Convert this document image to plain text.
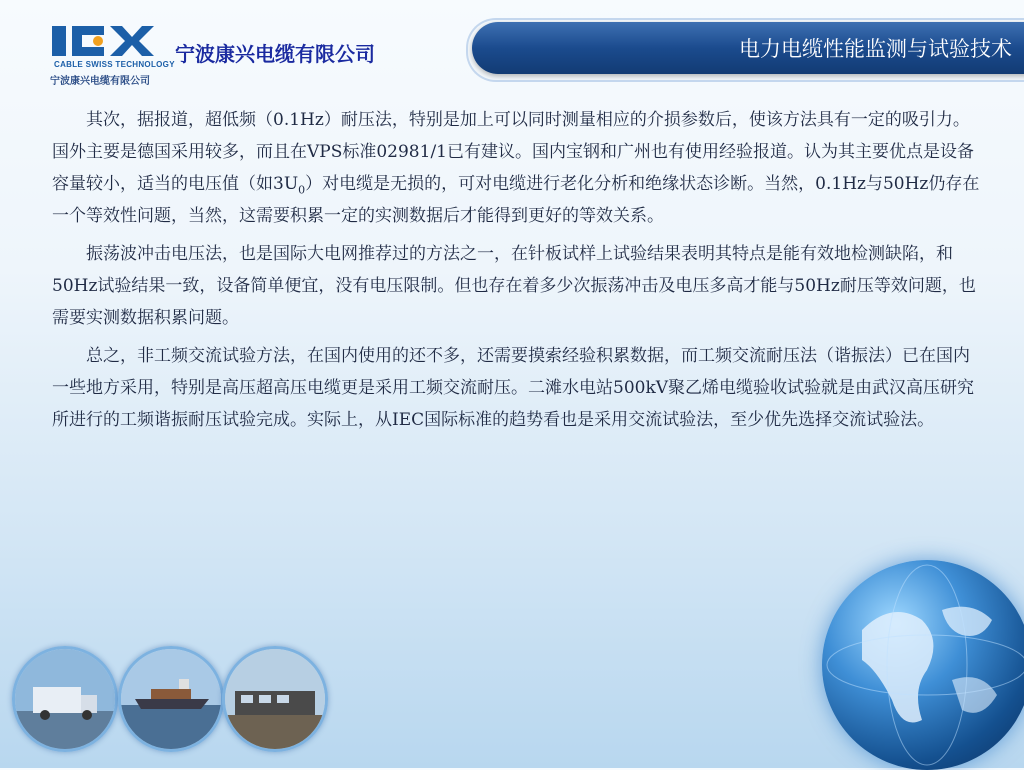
CABLE SWISS TECHNOLOGY
宁波康兴电缆有限公司
宁波康兴电缆有限公司	电力电缆性能监测与试验技术

其次，据报道，超低频（0.1Hz）耐压法，特别是加上可以同时测量相应的介损参数后，使该方法具有一定的吸引力。国外主要是德国采用较多，而且在VPS标准02981/1已有建议。国内宝钢和广州也有使用经验报道。认为其主要优点是设备容量较小，适当的电压值（如$3U_0$）对电缆是无损的，可对电缆进行老化分析和绝缘状态诊断。当然，0.1Hz与50Hz仍存在一个等效性问题，当然，这需要积累一定的实测数据后才能得到更好的等效关系。

振荡波冲击电压法，也是国际大电网推荐过的方法之一，在针板试样上试验结果表明其特点是能有效地检测缺陷，和50Hz试验结果一致，设备简单便宜，没有电压限制。但也存在着多少次振荡冲击及电压多高才能与50Hz耐压等效问题，也需要实测数据积累问题。

总之，非工频交流试验方法，在国内使用的还不多，还需要摸索经验积累数据，而工频交流耐压法（谐振法）已在国内一些地方采用，特别是高压超高压电缆更是采用工频交流耐压。二滩水电站500kV聚乙烯电缆验收试验就是由武汉高压研究所进行的工频谐振耐压试验完成。实际上，从IEC国际标准的趋势看也是采用交流试验法，至少优先选择交流试验法。
